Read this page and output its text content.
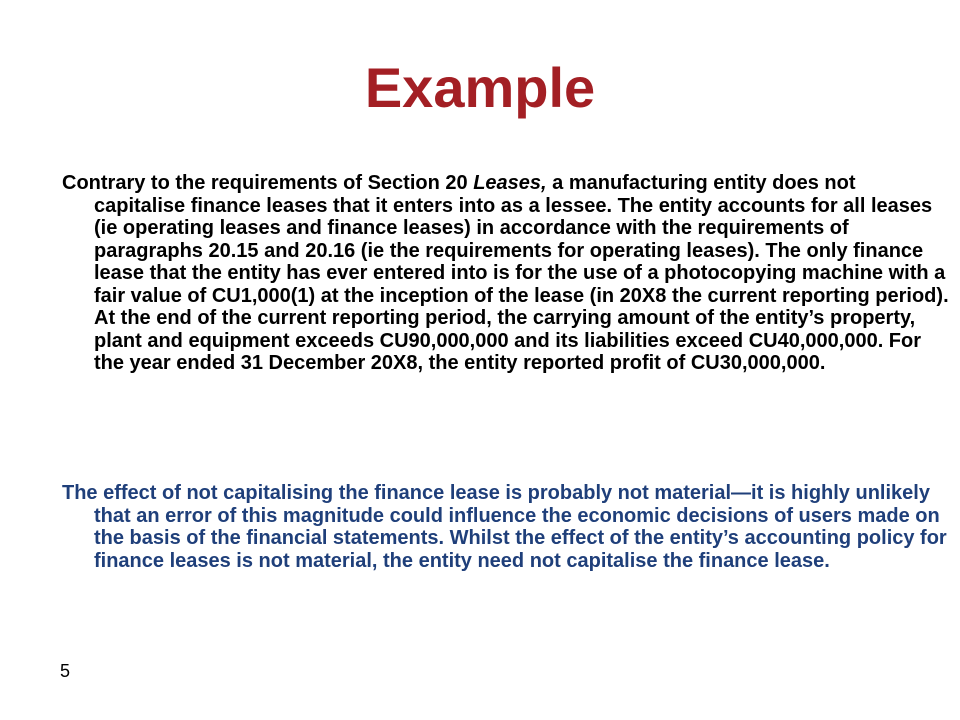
Example
Contrary to the requirements of Section 20 Leases, a manufacturing entity does not capitalise finance leases that it enters into as a lessee. The entity accounts for all leases (ie operating leases and finance leases) in accordance with the requirements of paragraphs 20.15 and 20.16 (ie the requirements for operating leases). The only finance lease that the entity has ever entered into is for the use of a photocopying machine with a fair value of CU1,000(1) at the inception of the lease (in 20X8 the current reporting period). At the end of the current reporting period, the carrying amount of the entity’s property, plant and equipment exceeds CU90,000,000 and its liabilities exceed CU40,000,000. For the year ended 31 December 20X8, the entity reported profit of CU30,000,000.
The effect of not capitalising the finance lease is probably not material—it is highly unlikely that an error of this magnitude could influence the economic decisions of users made on the basis of the financial statements. Whilst the effect of the entity’s accounting policy for finance leases is not material, the entity need not capitalise the finance lease.
5
